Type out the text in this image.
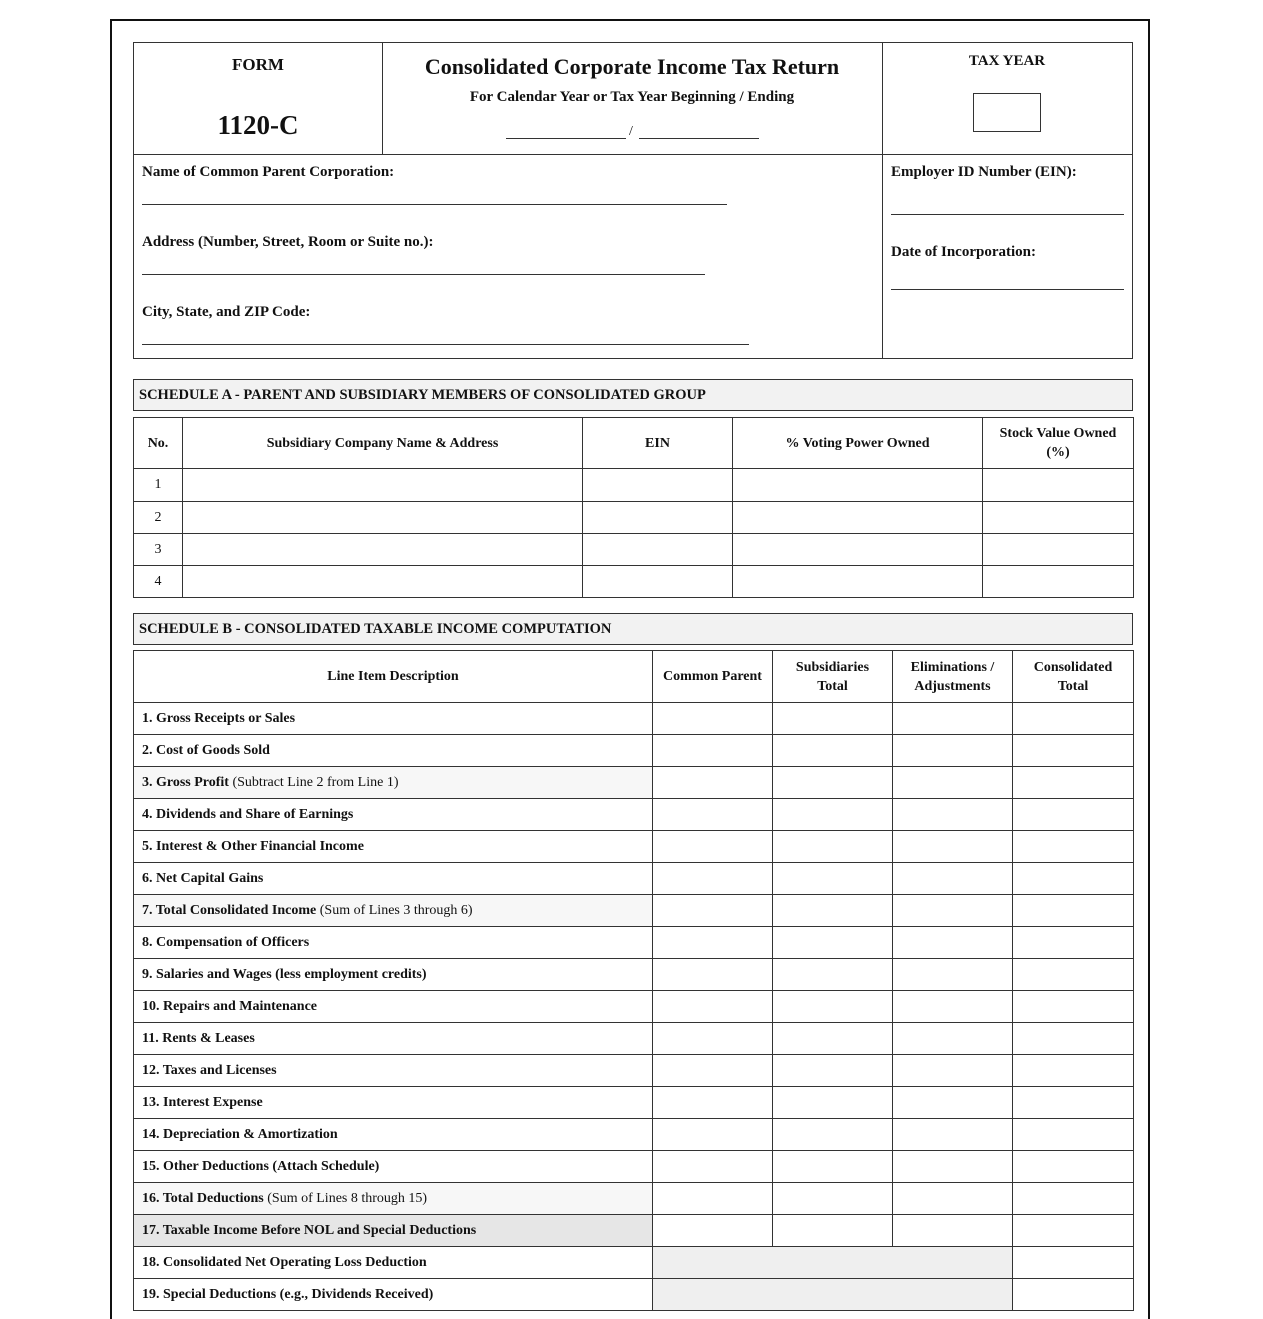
FORM
1120-C
Consolidated Corporate Income Tax Return
For Calendar Year or Tax Year Beginning / Ending
/
TAX YEAR
Name of Common Parent Corporation:
Address (Number, Street, Room or Suite no.):
City, State, and ZIP Code:
Employer ID Number (EIN):
Date of Incorporation:
SCHEDULE A - PARENT AND SUBSIDIARY MEMBERS OF CONSOLIDATED GROUP
No.	Subsidiary Company Name & Address	EIN	% Voting Power Owned	Stock Value Owned (%)
1				
2				
3				
4				
SCHEDULE B - CONSOLIDATED TAXABLE INCOME COMPUTATION
Line Item Description	Common Parent	Subsidiaries Total	Eliminations / Adjustments	Consolidated Total
1. Gross Receipts or Sales				
2. Cost of Goods Sold				
3. Gross Profit (Subtract Line 2 from Line 1)				
4. Dividends and Share of Earnings				
5. Interest & Other Financial Income				
6. Net Capital Gains				
7. Total Consolidated Income (Sum of Lines 3 through 6)				
8. Compensation of Officers				
9. Salaries and Wages (less employment credits)				
10. Repairs and Maintenance				
11. Rents & Leases				
12. Taxes and Licenses				
13. Interest Expense				
14. Depreciation & Amortization				
15. Other Deductions (Attach Schedule)				
16. Total Deductions (Sum of Lines 8 through 15)				
17. Taxable Income Before NOL and Special Deductions				
18. Consolidated Net Operating Loss Deduction				
19. Special Deductions (e.g., Dividends Received)				
